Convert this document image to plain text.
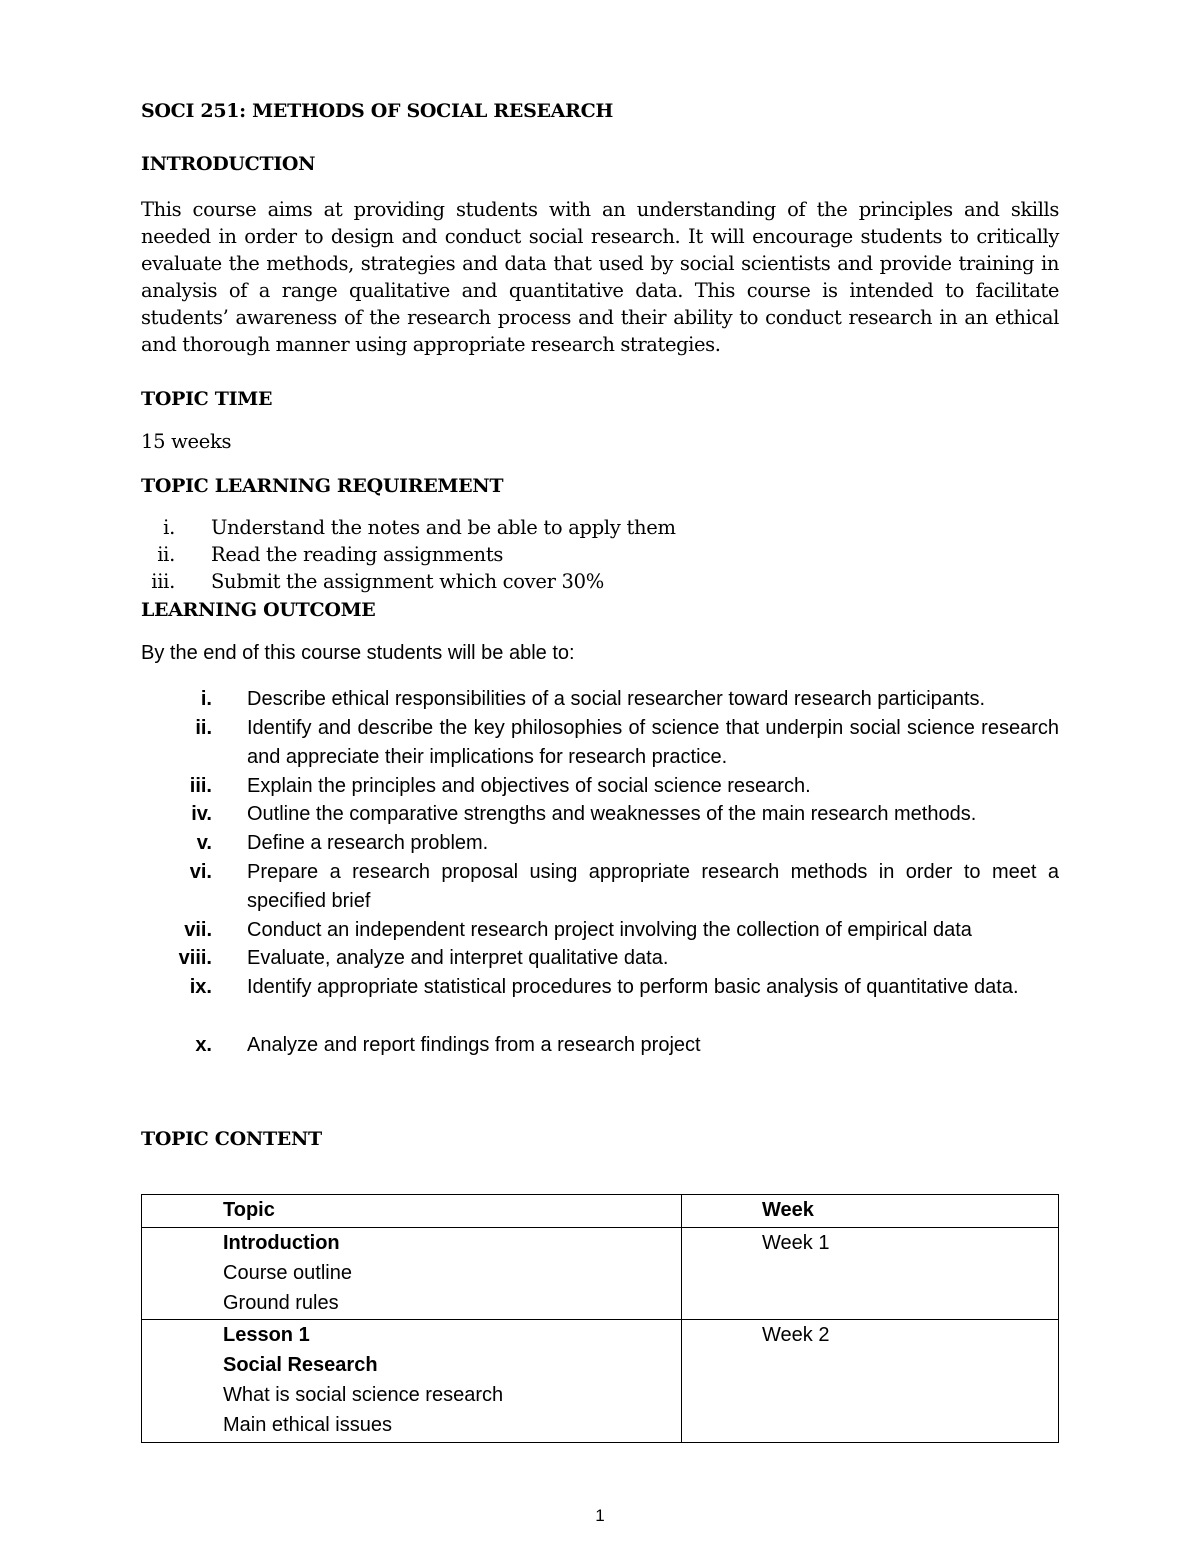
SOCI 251: METHODS OF SOCIAL RESEARCH
INTRODUCTION
This course aims at providing students with an understanding of the principles and skills needed in order to design and conduct social research. It will encourage students to critically evaluate the methods, strategies and data that used by social scientists and provide training in analysis of a range qualitative and quantitative data. This course is intended to facilitate students’ awareness of the research process and their ability to conduct research in an ethical and thorough manner using appropriate research strategies.
TOPIC TIME
15 weeks
TOPIC LEARNING REQUIREMENT
i. Understand the notes and be able to apply them
ii. Read the reading assignments
iii. Submit the assignment which cover 30%
LEARNING OUTCOME
By the end of this course students will be able to:
i. Describe ethical responsibilities of a social researcher toward research participants.
ii. Identify and describe the key philosophies of science that underpin social science research and appreciate their implications for research practice.
iii. Explain the principles and objectives of social science research.
iv. Outline the comparative strengths and weaknesses of the main research methods.
v. Define a research problem.
vi. Prepare a research proposal using appropriate research methods in order to meet a specified brief
vii. Conduct an independent research project involving the collection of empirical data
viii. Evaluate, analyze and interpret qualitative data.
ix. Identify appropriate statistical procedures to perform basic analysis of quantitative data.
x. Analyze and report findings from a research project
TOPIC CONTENT
Topic	Week

Introduction
Course outline
Ground rules	Week 1

Lesson 1
Social Research
What is social science research
Main ethical issues	Week 2
1
